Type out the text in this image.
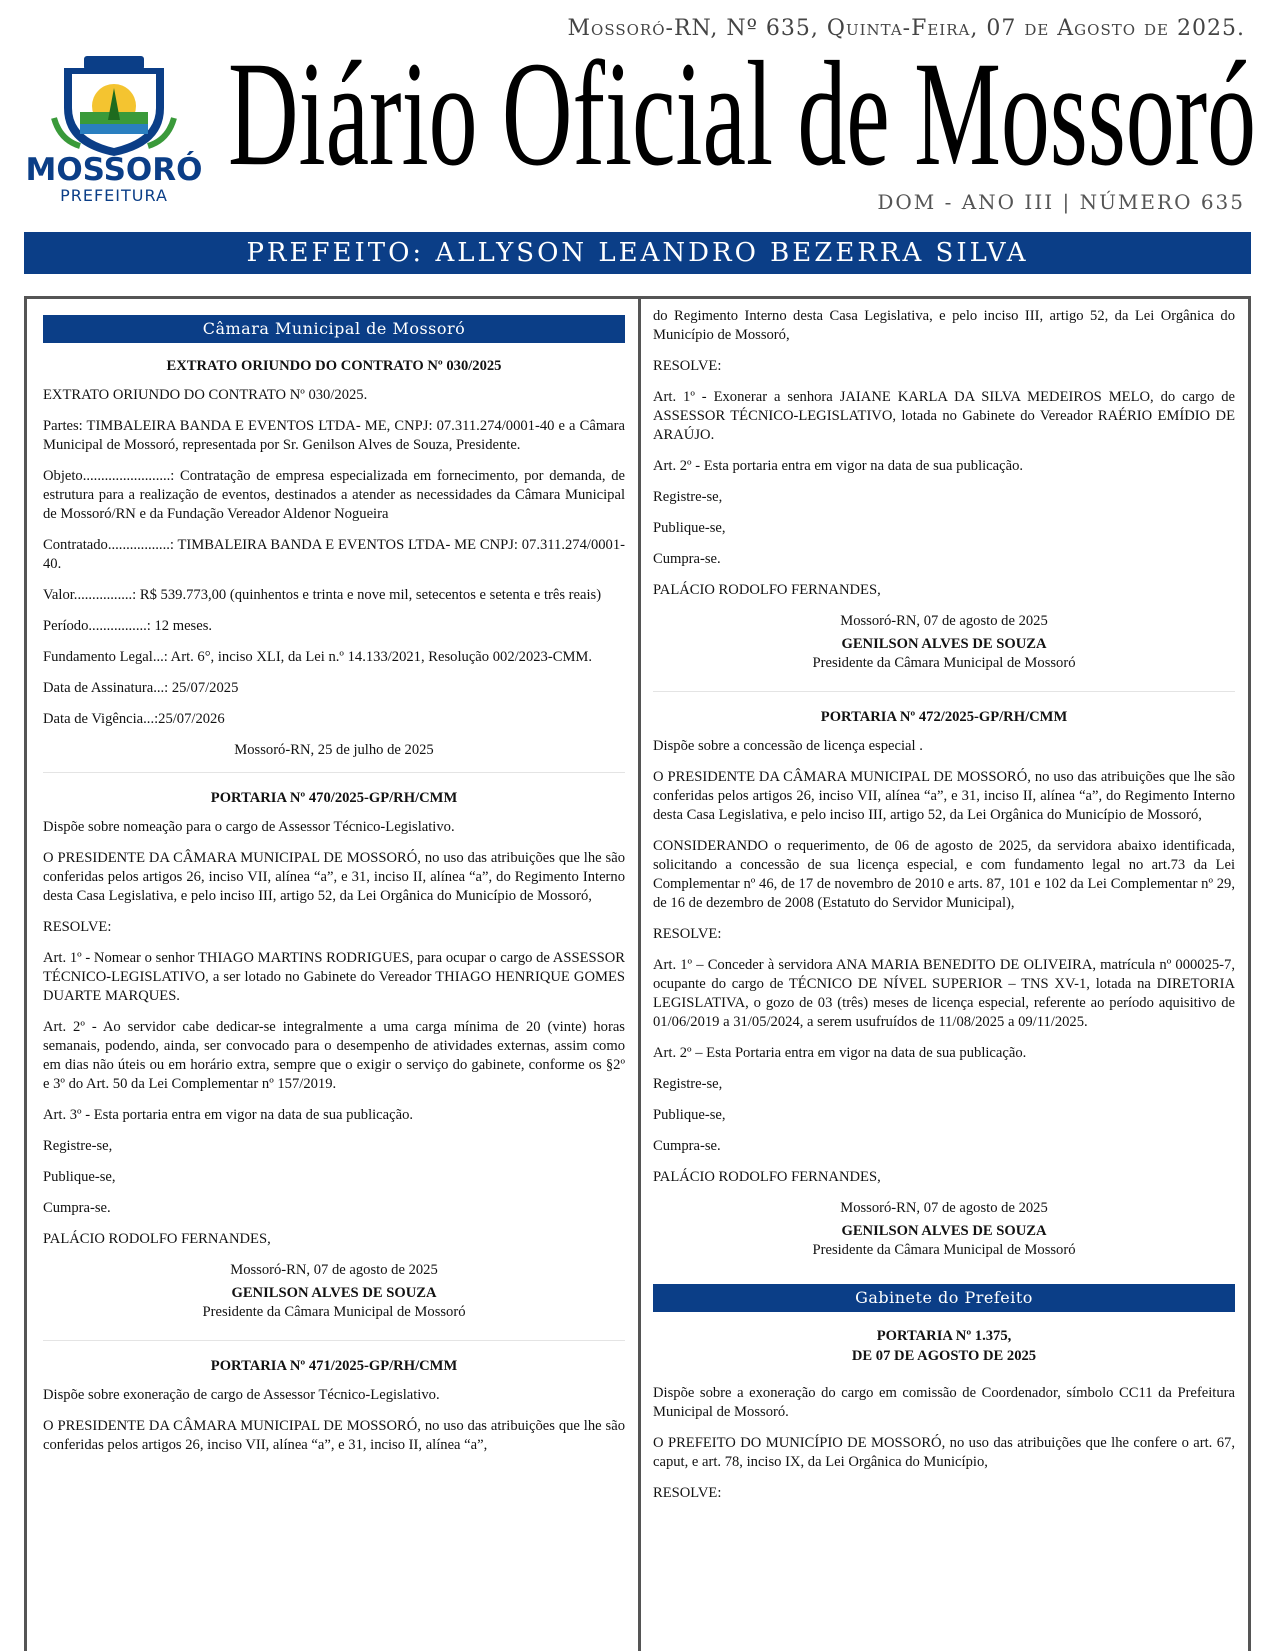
Mossoró-RN, Nº 635, Quinta-Feira, 07 de Agosto de 2025.
MOSSORÓ
PREFEITURA Diário Oficial de Mossoró
DOM - ANO III | NÚMERO 635
PREFEITO: ALLYSON LEANDRO BEZERRA SILVA
Câmara Municipal de Mossoró
EXTRATO ORIUNDO DO CONTRATO Nº 030/2025

EXTRATO ORIUNDO DO CONTRATO Nº 030/2025.

Partes: TIMBALEIRA BANDA E EVENTOS LTDA- ME, CNPJ: 07.311.274/0001-40 e a Câmara Municipal de Mossoró, representada por Sr. Genilson Alves de Souza, Presidente.

Objeto........................: Contratação de empresa especializada em fornecimento, por demanda, de estrutura para a realização de eventos, destinados a atender as necessidades da Câmara Municipal de Mossoró/RN e da Fundação Vereador Aldenor Nogueira

Contratado.................: TIMBALEIRA BANDA E EVENTOS LTDA- ME CNPJ: 07.311.274/0001-40.

Valor................: R$ 539.773,00 (quinhentos e trinta e nove mil, setecentos e setenta e três reais)

Período................: 12 meses.

Fundamento Legal...: Art. 6°, inciso XLI, da Lei n.º 14.133/2021, Resolução 002/2023-CMM.

Data de Assinatura...: 25/07/2025

Data de Vigência...:25/07/2026

Mossoró-RN, 25 de julho de 2025

PORTARIA Nº 470/2025-GP/RH/CMM

Dispõe sobre nomeação para o cargo de Assessor Técnico-Legislativo.

O PRESIDENTE DA CÂMARA MUNICIPAL DE MOSSORÓ, no uso das atribuições que lhe são conferidas pelos artigos 26, inciso VII, alínea “a”, e 31, inciso II, alínea “a”, do Regimento Interno desta Casa Legislativa, e pelo inciso III, artigo 52, da Lei Orgânica do Município de Mossoró,

RESOLVE:

Art. 1º - Nomear o senhor THIAGO MARTINS RODRIGUES, para ocupar o cargo de ASSESSOR TÉCNICO-LEGISLATIVO, a ser lotado no Gabinete do Vereador THIAGO HENRIQUE GOMES DUARTE MARQUES.

Art. 2º - Ao servidor cabe dedicar-se integralmente a uma carga mínima de 20 (vinte) horas semanais, podendo, ainda, ser convocado para o desempenho de atividades externas, assim como em dias não úteis ou em horário extra, sempre que o exigir o serviço do gabinete, conforme os §2º e 3º do Art. 50 da Lei Complementar nº 157/2019.

Art. 3º - Esta portaria entra em vigor na data de sua publicação.

Registre-se,

Publique-se,

Cumpra-se.

PALÁCIO RODOLFO FERNANDES,

Mossoró-RN, 07 de agosto de 2025

GENILSON ALVES DE SOUZA
Presidente da Câmara Municipal de Mossoró
PORTARIA Nº 471/2025-GP/RH/CMM

Dispõe sobre exoneração de cargo de Assessor Técnico-Legislativo.

O PRESIDENTE DA CÂMARA MUNICIPAL DE MOSSORÓ, no uso das atribuições que lhe são conferidas pelos artigos 26, inciso VII, alínea “a”, e 31, inciso II, alínea “a”,

do Regimento Interno desta Casa Legislativa, e pelo inciso III, artigo 52, da Lei Orgânica do Município de Mossoró,

RESOLVE:

Art. 1º - Exonerar a senhora JAIANE KARLA DA SILVA MEDEIROS MELO, do cargo de ASSESSOR TÉCNICO-LEGISLATIVO, lotada no Gabinete do Vereador RAÉRIO EMÍDIO DE ARAÚJO.

Art. 2º - Esta portaria entra em vigor na data de sua publicação.

Registre-se,

Publique-se,

Cumpra-se.

PALÁCIO RODOLFO FERNANDES,

Mossoró-RN, 07 de agosto de 2025

GENILSON ALVES DE SOUZA
Presidente da Câmara Municipal de Mossoró
PORTARIA Nº 472/2025-GP/RH/CMM

Dispõe sobre a concessão de licença especial .

O PRESIDENTE DA CÂMARA MUNICIPAL DE MOSSORÓ, no uso das atribuições que lhe são conferidas pelos artigos 26, inciso VII, alínea “a”, e 31, inciso II, alínea “a”, do Regimento Interno desta Casa Legislativa, e pelo inciso III, artigo 52, da Lei Orgânica do Município de Mossoró,

CONSIDERANDO o requerimento, de 06 de agosto de 2025, da servidora abaixo identificada, solicitando a concessão de sua licença especial, e com fundamento legal no art.73 da Lei Complementar nº 46, de 17 de novembro de 2010 e arts. 87, 101 e 102 da Lei Complementar nº 29, de 16 de dezembro de 2008 (Estatuto do Servidor Municipal),

RESOLVE:

Art. 1º – Conceder à servidora ANA MARIA BENEDITO DE OLIVEIRA, matrícula nº 000025-7, ocupante do cargo de TÉCNICO DE NÍVEL SUPERIOR – TNS XV-1, lotada na DIRETORIA LEGISLATIVA, o gozo de 03 (três) meses de licença especial, referente ao período aquisitivo de 01/06/2019 a 31/05/2024, a serem usufruídos de 11/08/2025 a 09/11/2025.

Art. 2º – Esta Portaria entra em vigor na data de sua publicação.

Registre-se,

Publique-se,

Cumpra-se.

PALÁCIO RODOLFO FERNANDES,

Mossoró-RN, 07 de agosto de 2025

GENILSON ALVES DE SOUZA
Presidente da Câmara Municipal de Mossoró
Gabinete do Prefeito
PORTARIA Nº 1.375,
DE 07 DE AGOSTO DE 2025

Dispõe sobre a exoneração do cargo em comissão de Coordenador, símbolo CC11 da Prefeitura Municipal de Mossoró.

O PREFEITO DO MUNICÍPIO DE MOSSORÓ, no uso das atribuições que lhe confere o art. 67, caput, e art. 78, inciso IX, da Lei Orgânica do Município,

RESOLVE:
